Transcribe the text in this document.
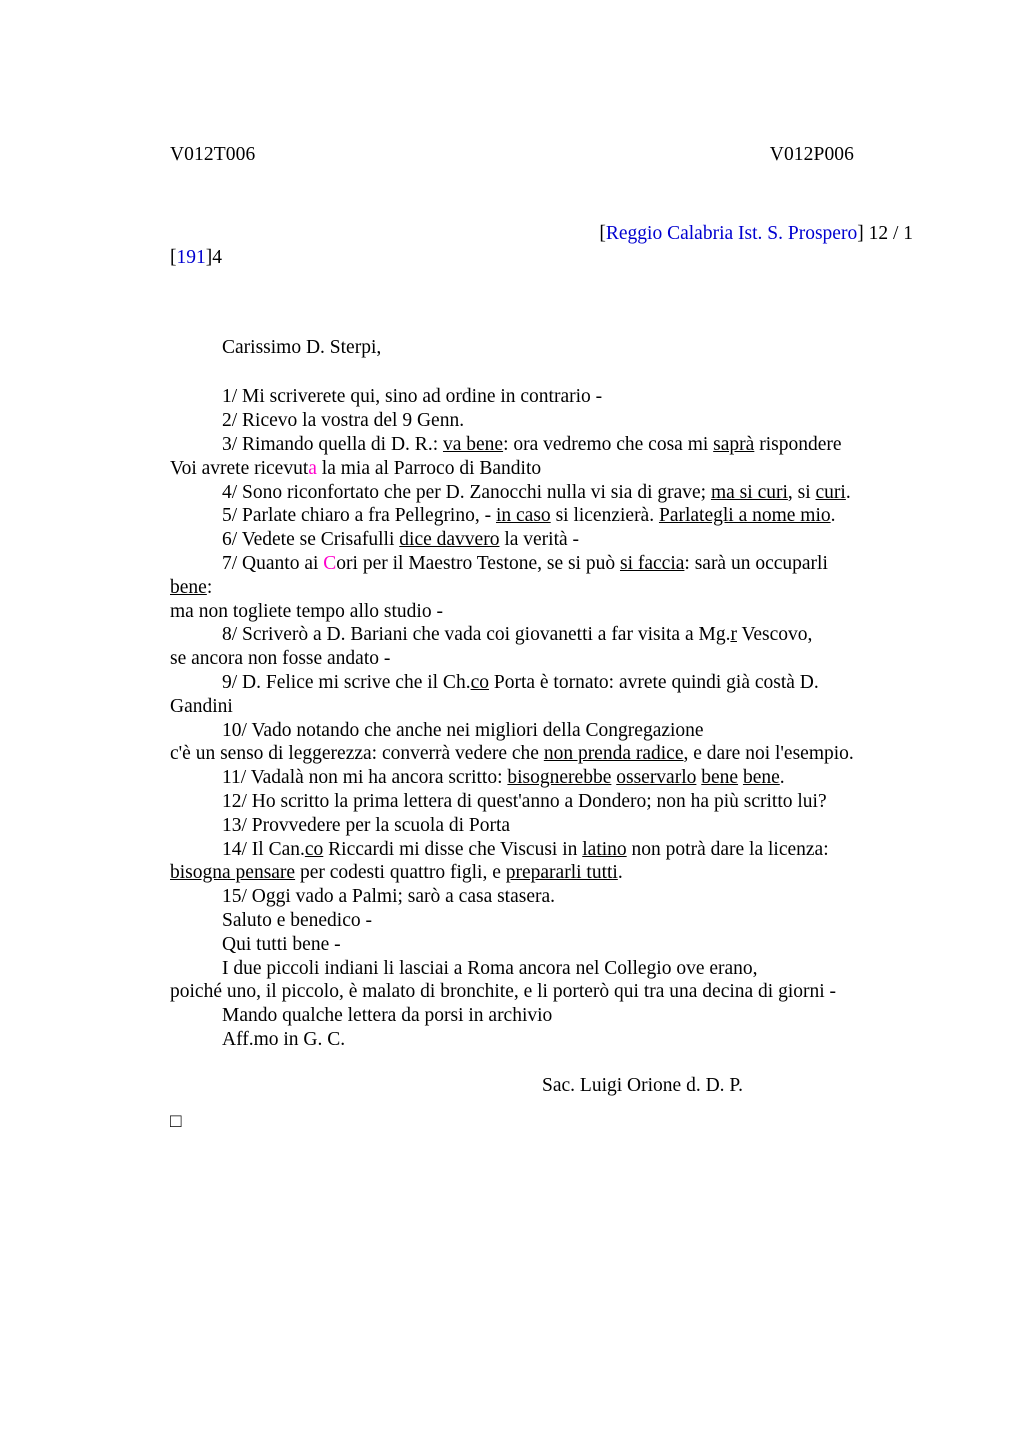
V012T006	V012P006

[Reggio Calabria Ist. S. Prospero] 12 / 1

[191]4

Carissimo D. Sterpi,

1/ Mi scriverete qui, sino ad ordine in contrario -

2/ Ricevo la vostra del 9 Genn.

3/ Rimando quella di D. R.: va bene: ora vedremo che cosa mi saprà rispondere

Voi avrete ricevuta la mia al Parroco di Bandito

4/ Sono riconfortato che per D. Zanocchi nulla vi sia di grave; ma si curi, si curi.

5/ Parlate chiaro a fra Pellegrino, - in caso si licenzierà. Parlategli a nome mio.

6/ Vedete se Crisafulli dice davvero la verità -

7/ Quanto ai Cori per il Maestro Testone, se si può si faccia: sarà un occuparli

bene:

ma non togliete tempo allo studio -

8/ Scriverò a D. Bariani che vada coi giovanetti a far visita a Mg.r Vescovo,

se ancora non fosse andato -

9/ D. Felice mi scrive che il Ch.co Porta è tornato: avrete quindi già costà D.

Gandini

10/ Vado notando che anche nei migliori della Congregazione

c'è un senso di leggerezza: converrà vedere che non prenda radice, e dare noi l'esempio.

11/ Vadalà non mi ha ancora scritto: bisognerebbe osservarlo bene bene.

12/ Ho scritto la prima lettera di quest'anno a Dondero; non ha più scritto lui?

13/ Provvedere per la scuola di Porta

14/ Il Can.co Riccardi mi disse che Viscusi in latino non potrà dare la licenza:

bisogna pensare per codesti quattro figli, e prepararli tutti.

15/ Oggi vado a Palmi; sarò a casa stasera.

Saluto e benedico -

Qui tutti bene -

I due piccoli indiani li lasciai a Roma ancora nel Collegio ove erano,

poiché uno, il piccolo, è malato di bronchite, e li porterò qui tra una decina di giorni -

Mando qualche lettera da porsi in archivio

Aff.mo in G. C.

Sac. Luigi Orione d. D. P.

□
